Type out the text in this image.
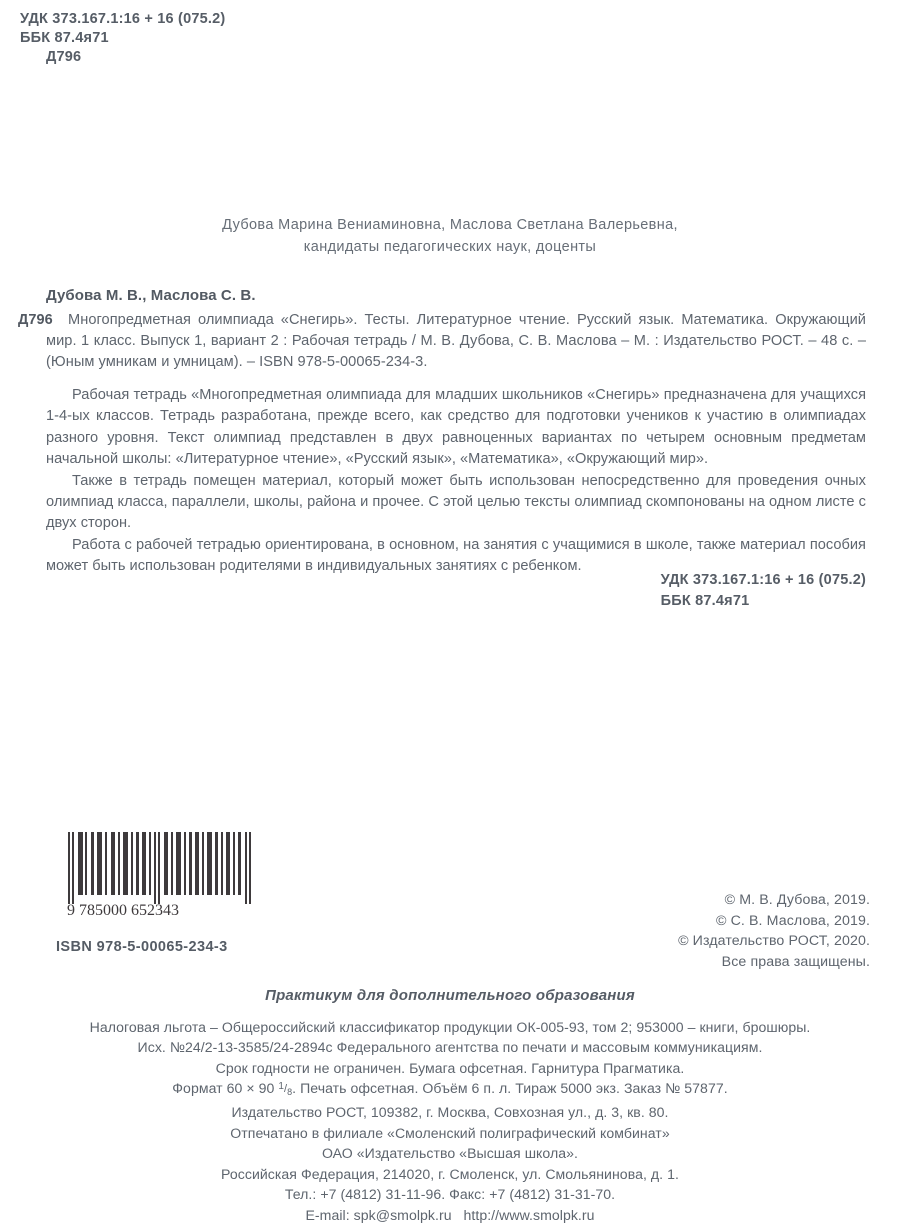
УДК 373.167.1:16 + 16 (075.2)
ББК 87.4я71
Д796
Дубова Марина Вениаминовна, Маслова Светлана Валерьевна,
кандидаты педагогических наук, доценты
Дубова М. В., Маслова С. В.
Д796	Многопредметная олимпиада «Снегирь». Тесты. Литературное чтение. Русский язык. Математика. Окружающий мир. 1 класс. Выпуск 1, вариант 2 : Рабочая тетрадь / М. В. Дубова, С. В. Маслова – М. : Издательство РОСТ. – 48 с. – (Юным умникам и умницам). – ISBN 978-5-00065-234-3.

Рабочая тетрадь «Многопредметная олимпиада для младших школьников «Снегирь» предназначена для учащихся 1-4-ых классов. Тетрадь разработана, прежде всего, как средство для подготовки учеников к участию в олимпиадах разного уровня. Текст олимпиад представлен в двух равноценных вариантах по четырем основным предметам начальной школы: «Литературное чтение», «Русский язык», «Математика», «Окружающий мир».

Также в тетрадь помещен материал, который может быть использован непосредственно для проведения очных олимпиад класса, параллели, школы, района и прочее. С этой целью тексты олимпиад скомпонованы на одном листе с двух сторон.

Работа с рабочей тетрадью ориентирована, в основном, на занятия с учащимися в школе, также материал пособия может быть использован родителями в индивидуальных занятиях с ребенком.

УДК 373.167.1:16 + 16 (075.2)
ББК 87.4я71
9 785000 652343
ISBN 978-5-00065-234-3
© М. В. Дубова, 2019.
© С. В. Маслова, 2019.
© Издательство РОСТ, 2020.
Все права защищены.
Практикум для дополнительного образования
Налоговая льгота – Общероссийский классификатор продукции ОК-005-93, том 2; 953000 – книги, брошюры.
Исх. №24/2-13-3585/24-2894с Федерального агентства по печати и массовым коммуникациям.
Срок годности не ограничен. Бумага офсетная. Гарнитура Прагматика.
Формат 60 × 90 $1/_8$. Печать офсетная. Объём 6 п. л. Тираж 5000 экз. Заказ № 57877.
Издательство РОСТ, 109382, г. Москва, Совхозная ул., д. 3, кв. 80.
Отпечатано в филиале «Смоленский полиграфический комбинат»
ОАО «Издательство «Высшая школа».
Российская Федерация, 214020, г. Смоленск, ул. Смольянинова, д. 1.
Тел.: +7 (4812) 31-11-96. Факс: +7 (4812) 31-31-70.
E-mail: spk@smolpk.ru   http://www.smolpk.ru
